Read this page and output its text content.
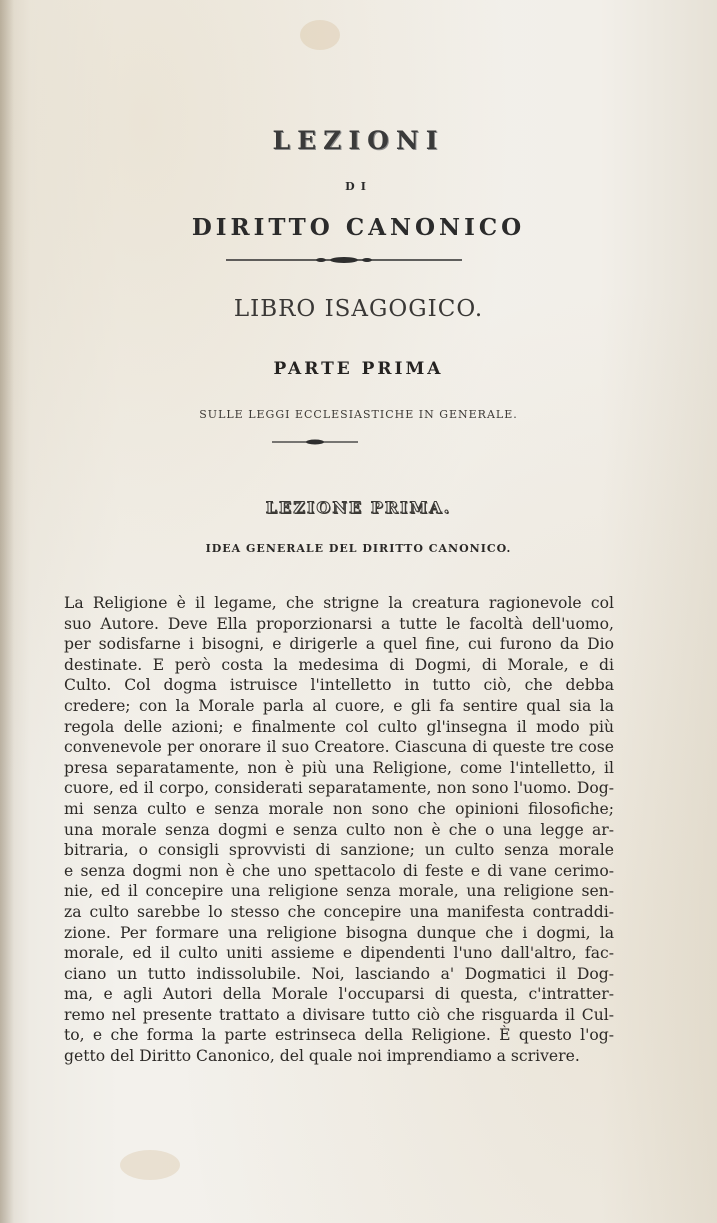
LEZIONI
DI
DIRITTO CANONICO
LIBRO ISAGOGICO.
PARTE PRIMA
SULLE LEGGI ECCLESIASTICHE IN GENERALE.
LEZIONE PRIMA.
IDEA GENERALE DEL DIRITTO CANONICO.
La Religione è il legame, che strigne la creatura ragionevole col
suo Autore. Deve Ella proporzionarsi a tutte le facoltà dell'uomo,
per sodisfarne i bisogni, e dirigerle a quel fine, cui furono da Dio
destinate. E però costa la medesima di Dogmi, di Morale, e di
Culto. Col dogma istruisce l'intelletto in tutto ciò, che debba
credere; con la Morale parla al cuore, e gli fa sentire qual sia la
regola delle azioni; e finalmente col culto gl'insegna il modo più
convenevole per onorare il suo Creatore. Ciascuna di queste tre cose
presa separatamente, non è più una Religione, come l'intelletto, il
cuore, ed il corpo, considerati separatamente, non sono l'uomo. Dog-
mi senza culto e senza morale non sono che opinioni filosofiche;
una morale senza dogmi e senza culto non è che o una legge ar-
bitraria, o consigli sprovvisti di sanzione; un culto senza morale
e senza dogmi non è che uno spettacolo di feste e di vane cerimo-
nie, ed il concepire una religione senza morale, una religione sen-
za culto sarebbe lo stesso che concepire una manifesta contraddi-
zione. Per formare una religione bisogna dunque che i dogmi, la
morale, ed il culto uniti assieme e dipendenti l'uno dall'altro, fac-
ciano un tutto indissolubile. Noi, lasciando a' Dogmatici il Dog-
ma, e agli Autori della Morale l'occuparsi di questa, c'intratter-
remo nel presente trattato a divisare tutto ciò che risguarda il Cul-
to, e che forma la parte estrinseca della Religione. È questo l'og-
getto del Diritto Canonico, del quale noi imprendiamo a scrivere.
